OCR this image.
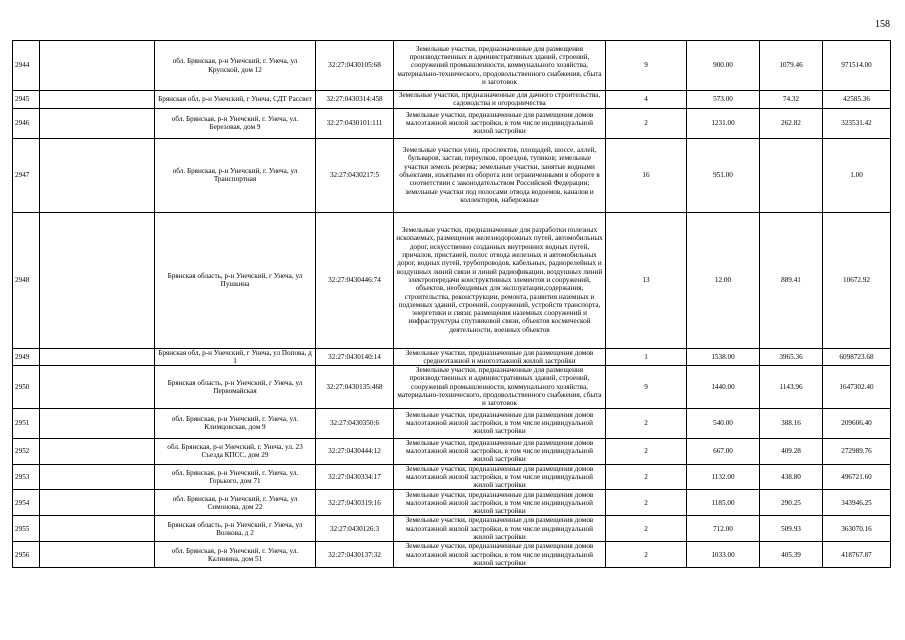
158
2944		обл. Брянская, р-н Унечский, г. Унеча, ул Крупской, дом 12	32:27:0430105:68	Земельные участки, предназначенные для размещения производственных и административных зданий, строений, сооружений промышленности, коммунального хозяйства, материально-технического, продовольственного снабжения, сбыта и заготовок	9	900.00	1079.46	971514.00
2945		Брянская обл, р-н Унечский, г Унеча, СДТ Рассвет	32:27:0430314:458	Земельные участки, предназначенные для дачного строительства, садоводства и огородничества	4	573.00	74.32	42585.36
2946		обл. Брянская, р-н Унечский, г. Унеча, ул. Березовая, дом 9	32:27:0430101:111	Земельные участки, предназначенные для размещения домов малоэтажной жилой застройки, в том числе индивидуальной жилой застройки	2	1231.00	262.82	323531.42
2947		обл. Брянская, р-н Унечский, г. Унеча, ул Транспортная	32:27:0430217:5	Земельные участки улиц, проспектов, площадей, шоссе, аллей, бульваров, застав, переулков, проездов, тупиков; земельные участки земель резерва; земельные участки, занятые водными объектами, изъятыми из оборота или ограниченными в обороте в соответствии с законодательством Российской Федерации; земельные участки под полосами отвода водоемов, каналов и коллекторов, набережные	16	951.00		1.00
2948		Брянская область, р-н Унечский, г Унеча, ул Пушкина	32:27:0430446:74	Земельные участки, предназначенные для разработки полезных ископаемых, размещения железнодорожных путей, автомобильных дорог, искусственно созданных внутренних водных путей, причалов, пристаней, полос отвода железных и автомобильных дорог, водных путей, трубопроводов, кабельных, радиорелейных и воздушных линий связи и линий радиофикации, воздушных линий электропередачи конструктивных элементов и сооружений, объектов, необходимых для эксплуатации,содержания, строительства, реконструкции, ремонта, развития наземных и подземных зданий, строений, сооружений, устройств транспорта, энергетики и связи; размещения наземных сооружений и инфраструктуры спутниковой связи, объектов космической деятельности, военных объектов	13	12.00	889.41	10672.92
2949		Брянская обл, р-н Унечский, г Унеча, ул Попова, д 1	32:27:0430140:14	Земельные участки, предназначенные для размещения домов среднеэтажной и многоэтажной жилой застройки	1	1538.00	3965.36	6098723.68
2950		Брянская область, р-н Унечский, г Унеча, ул Первомайская	32:27:0430135:468	Земельные участки, предназначенные для размещения производственных и административных зданий, строений, сооружений промышленности, коммунального хозяйства, материально-технического, продовольственного снабжения, сбыта и заготовок	9	1440.00	1143.96	1647302.40
2951		обл. Брянская, р-н Унечский, г. Унеча, ул. Климцовская, дом 9	32:27:0430350:6	Земельные участки, предназначенные для размещения домов малоэтажной жилой застройки, в том числе индивидуальной жилой застройки	2	540.00	388.16	209606.40
2952		обл. Брянская, р-н Унечский, г. Унеча, ул. 23 Съезда КПСС, дом 29	32:27:0430444:12	Земельные участки, предназначенные для размещения домов малоэтажной жилой застройки, в том числе индивидуальной жилой застройки	2	667.00	409.28	272989.76
2953		обл. Брянская, р-н Унечский, г. Унеча, ул. Горького, дом 71	32:27:0430334:17	Земельные участки, предназначенные для размещения домов малоэтажной жилой застройки, в том числе индивидуальной жилой застройки	2	1132.00	438.80	496721.60
2954		обл. Брянская, р-н Унечский, г. Унеча, ул Симонова, дом 22	32:27:0430319:16	Земельные участки, предназначенные для размещения домов малоэтажной жилой застройки, в том числе индивидуальной жилой застройки	2	1185.00	290.25	343946.25
2955		Брянская область, р-н Унечский, г Унеча, ул Волкова, д 2	32:27:0430126:3	Земельные участки, предназначенные для размещения домов малоэтажной жилой застройки, в том числе индивидуальной жилой застройки	2	712.00	509.93	363070.16
2956		обл. Брянская, р-н Унечский, г. Унеча, ул. Калинина, дом 51	32:27:0430137:32	Земельные участки, предназначенные для размещения домов малоэтажной жилой застройки, в том числе индивидуальной жилой застройки	2	1033.00	405.39	418767.87
